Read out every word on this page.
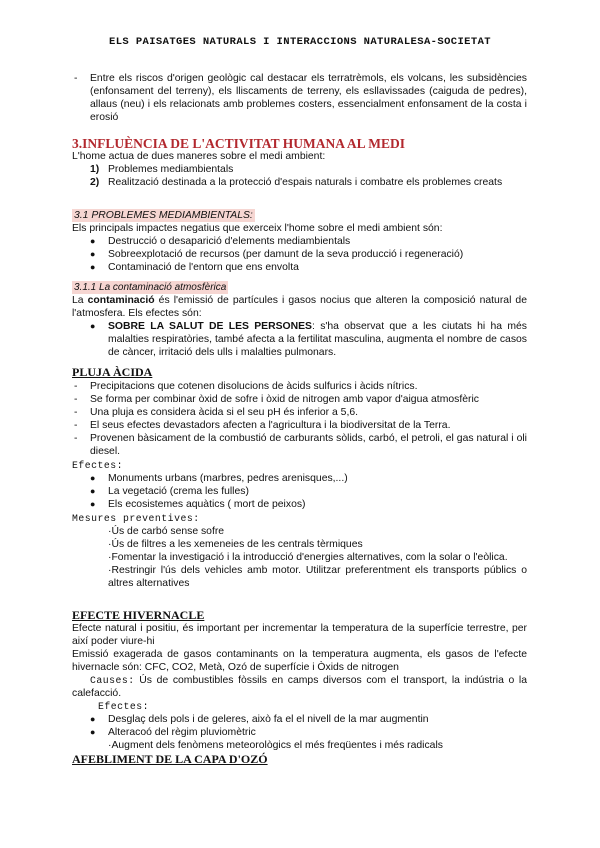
ELS PAISATGES NATURALS I INTERACCIONS NATURALESA-SOCIETAT
- Entre els riscos d'origen geològic cal destacar els terratrèmols, els volcans, les subsidències (enfonsament del terreny), els lliscaments de terreny, els esllavissades (caiguda de pedres), allaus (neu) i els relacionats amb problemes costers, essencialment enfonsament de la costa i erosió
3.INFLUÈNCIA DE L'ACTIVITAT HUMANA AL MEDI
L'home actua de dues maneres sobre el medi ambient:
1) Problemes mediambientals
2) Realització destinada a la protecció d'espais naturals i combatre els problemes creats
3.1 PROBLEMES MEDIAMBIENTALS:
Els principals impactes negatius que exerceix l'home sobre el medi ambient són:
● Destrucció o desaparició d'elements mediambientals
● Sobreexplotació de recursos (per damunt de la seva producció i regeneració)
● Contaminació de l'entorn que ens envolta
3.1.1 La contaminació atmosfèrica
La contaminació és l'emissió de partícules i gasos nocius que alteren la composició natural de l'atmosfera. Els efectes són:
● SOBRE LA SALUT DE LES PERSONES: s'ha observat que a les ciutats hi ha més malalties respiratòries, també afecta a la fertilitat masculina, augmenta el nombre de casos de càncer, irritació dels ulls i malalties pulmonars.
PLUJA ÀCIDA
- Precipitacions que cotenen disolucions de àcids sulfurics i àcids nítrics.
- Se forma per combinar òxid de sofre i òxid de nitrogen amb vapor d'aigua atmosfèric
- Una pluja es considera àcida si el seu pH és inferior a 5,6.
- El seus efectes devastadors afecten a l'agricultura i la biodiversitat de la Terra.
- Provenen bàsicament de la combustió de carburants sòlids, carbó, el petroli, el gas natural i oli diesel.
Efectes:
● Monuments urbans (marbres, pedres arenisques,...)
● La vegetació (crema les fulles)
● Els ecosistemes aquàtics ( mort de peixos)
Mesures preventives:
·Ús de carbó sense sofre
·Ús de filtres a les xemeneies de les centrals tèrmiques
·Fomentar la investigació i la introducció d'energies alternatives, com la solar o l'eòlica.
·Restringir l'ús dels vehicles amb motor. Utilitzar preferentment els transports públics o altres alternatives
EFECTE HIVERNACLE
Efecte natural i positiu, és important per incrementar la temperatura de la superfície terrestre, per així poder viure-hi
Emissió exagerada de gasos contaminants on la temperatura augmenta, els gasos de l'efecte hivernacle són: CFC, CO2, Metà, Ozó de superfície i Òxids de nitrogen
Causes: Ús de combustibles fòssils en camps diversos com el transport, la indústria o la calefacció.
Efectes:
● Desglaç dels pols i de geleres, això fa el el nivell de la mar augmentin
● Alteracoó del règim pluviomètric
·Augment dels fenòmens meteorològics el més freqüentes i més radicals
AFEBLIMENT DE LA CAPA D'OZÓ
